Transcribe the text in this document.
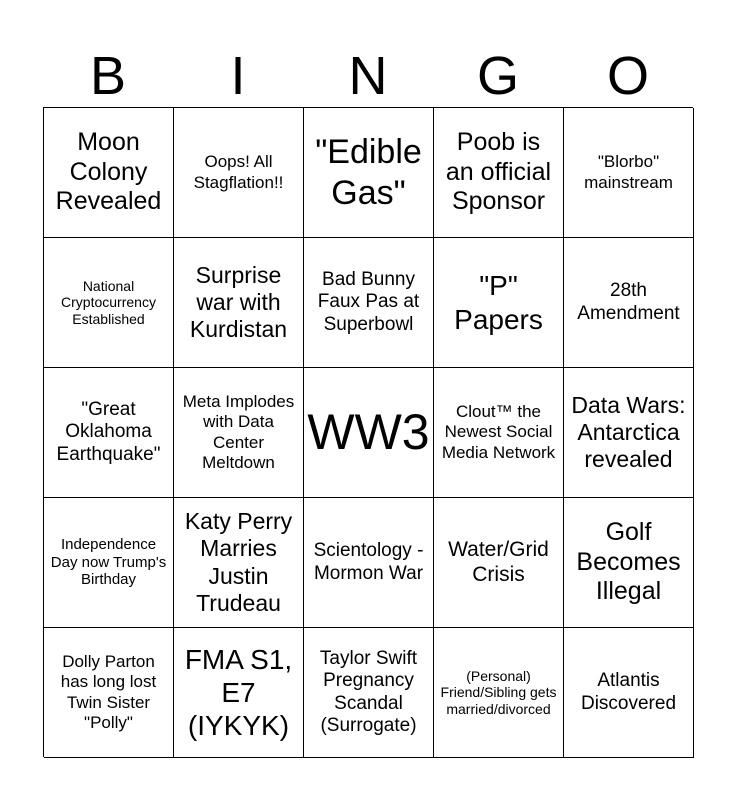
B	I	N	G	O
Moon Colony Revealed
Oops! All Stagflation!!
"Edible Gas"
Poob is an official Sponsor
"Blorbo" mainstream
National Cryptocurrency Established
Surprise war with Kurdistan
Bad Bunny Faux Pas at Superbowl
"P" Papers
28th Amendment
"Great Oklahoma Earthquake"
Meta Implodes with Data Center Meltdown
WW3	Clout™ the Newest Social Media Network
Data Wars: Antarctica revealed
Independence Day now Trump's Birthday
Katy Perry Marries Justin Trudeau
Scientology -Mormon War
Water/Grid Crisis
Golf Becomes Illegal
Dolly Parton has long lost Twin Sister "Polly"
FMA S1, E7 (IYKYK)
Taylor Swift Pregnancy Scandal (Surrogate)
(Personal) Friend/Sibling gets married/divorced
Atlantis Discovered
